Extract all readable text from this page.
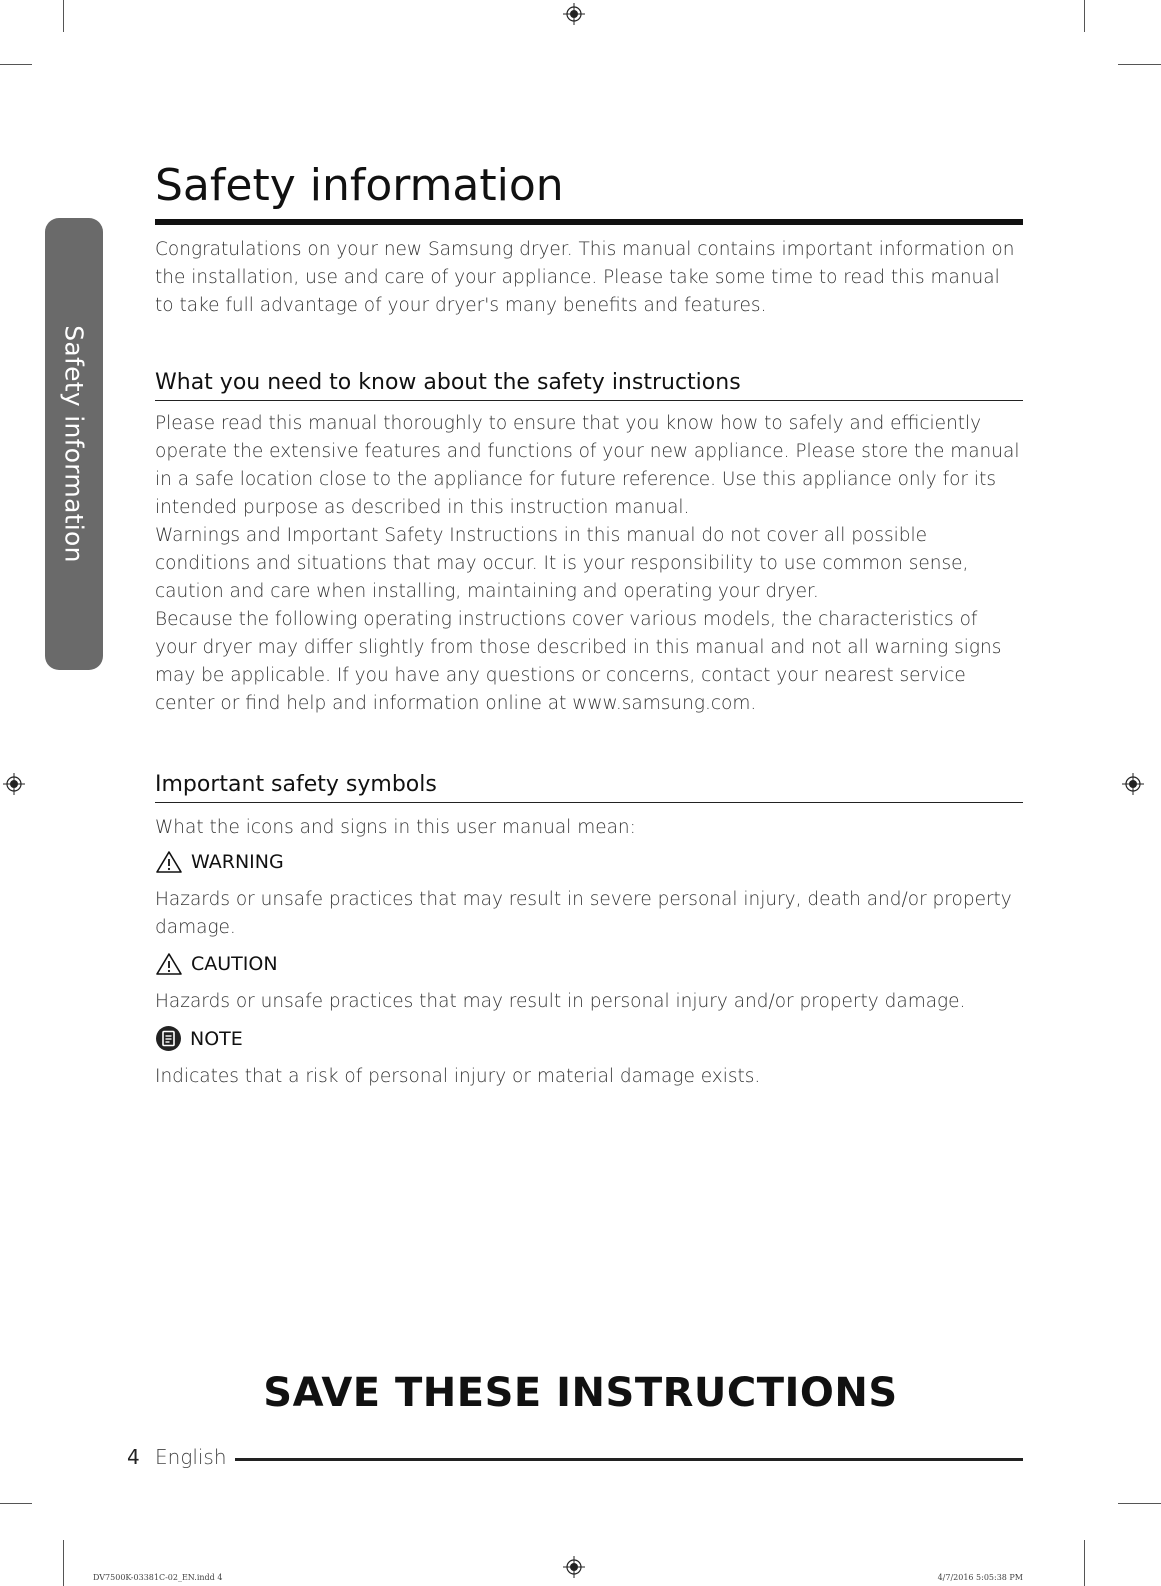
Safety information
Safety information

Congratulations on your new Samsung dryer. This manual contains important information on the installation, use and care of your appliance. Please take some time to read this manual to take full advantage of your dryer's many benefits and features.

What you need to know about the safety instructions

Please read this manual thoroughly to ensure that you know how to safely and efficiently operate the extensive features and functions of your new appliance. Please store the manual in a safe location close to the appliance for future reference. Use this appliance only for its intended purpose as described in this instruction manual.

Warnings and Important Safety Instructions in this manual do not cover all possible conditions and situations that may occur. It is your responsibility to use common sense, caution and care when installing, maintaining and operating your dryer.

Because the following operating instructions cover various models, the characteristics of your dryer may differ slightly from those described in this manual and not all warning signs may be applicable. If you have any questions or concerns, contact your nearest service center or find help and information online at www.samsung.com.

Important safety symbols

What the icons and signs in this user manual mean:

WARNING

Hazards or unsafe practices that may result in severe personal injury, death and/or property damage.

CAUTION

Hazards or unsafe practices that may result in personal injury and/or property damage.

NOTE

Indicates that a risk of personal injury or material damage exists.

SAVE THESE INSTRUCTIONS
4 English
DV7500K-03381C-02_EN.indd 4	4/7/2016 5:05:38 PM
